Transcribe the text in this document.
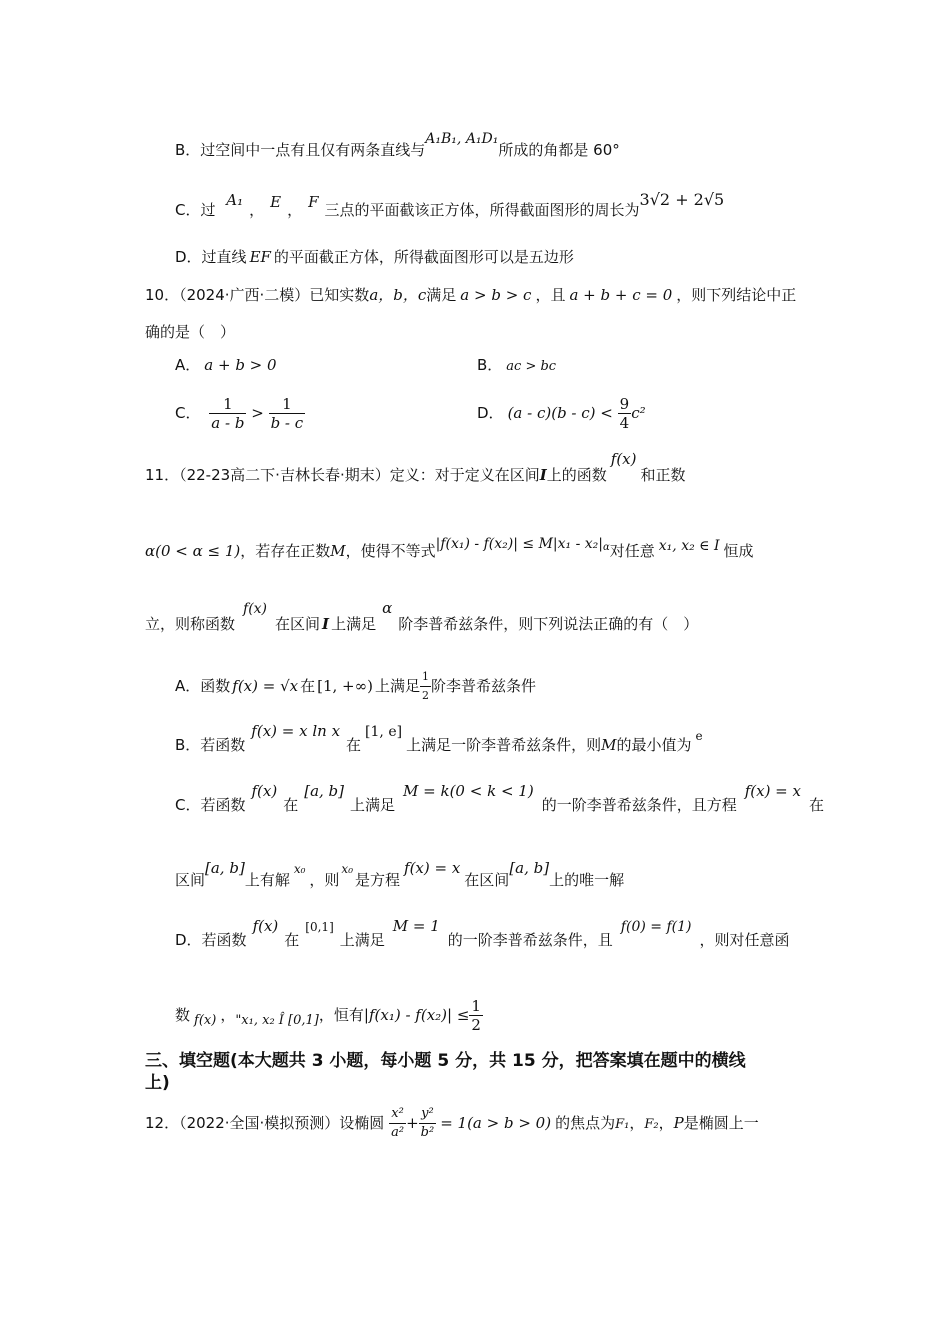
B．过空间中一点有且仅有两条直线与A₁B₁, A₁D₁所成的角都是 60°
C．过 A₁， E ， F 三点的平面截该正方体，所得截面图形的周长为3√2 + 2√5
D．过直线 EF 的平面截正方体，所得截面图形可以是五边形
10．（2024·广西·二模）已知实数a，b，c满足 a > b > c ，且 a + b + c = 0 ，则下列结论中正
确的是（　）
A． a + b > 0	B． ac > bc
C． $\frac{1}{a - b} > \frac{1}{b - c}$	D． $(a - c)(b - c) < \frac{9}{4} c^2$
11．（22-23高二下·吉林长春·期末）定义：对于定义在区间I上的函数f(x)和正数
α(0 < α ≤ 1)，若存在正数M，使得不等式$|f(x_1) - f(x_2)| \le M|x_1 - x_2|^\alpha$对任意 x₁, x₂ ∈ I 恒成
立，则称函数f(x)在区间 I 上满足α阶李普希兹条件，则下列说法正确的有（　）
A．函数 f(x) = √x 在 [1, +∞) 上满足 $\frac{1}{2}$ 阶李普希兹条件
B．若函数f(x) = x ln x在[1, e]上满足一阶李普希兹条件，则M的最小值为 $^e$
C．若函数f(x)在[a, b]上满足M = k(0 < k < 1)的一阶李普希兹条件，且方程f(x) = x在
区间[a, b]上有解$^{x_0}$，则$^{x_0}$是方程f(x) = x在区间[a, b]上的唯一解
D．若函数f(x)在[0,1]上满足M = 1的一阶李普希兹条件，且f(0) = f(1)，则对任意函
数 f(x) ，"x₁, x₂ Î [0,1]，恒有$|f(x_1) - f(x_2)| \le \frac{1}{2}$
三、填空题(本大题共 3 小题，每小题 5 分，共 15 分，把答案填在题中的横线
上)
12．（2022·全国·模拟预测）设椭圆 $\frac{\text{x²}}{\text{a²}} + \frac{\text{y²}}{\text{b²}} = 1(a > b > 0)$ 的焦点为F₁，F₂，P是椭圆上一
